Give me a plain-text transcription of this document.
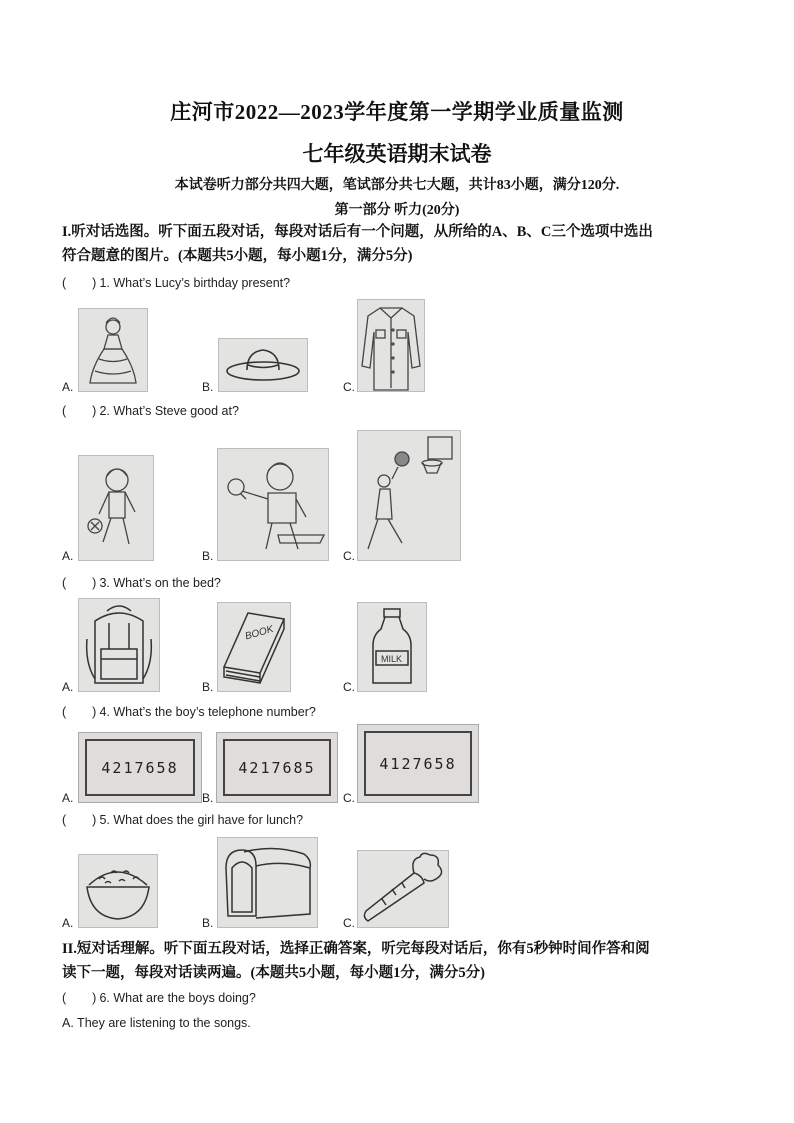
庄河市2022—2023学年度第一学期学业质量监测
七年级英语期末试卷
本试卷听力部分共四大题，笔试部分共七大题，共计83小题，满分120分.
第一部分 听力(20分)
I.听对话选图。听下面五段对话，每段对话后有一个问题，从所给的A、B、C三个选项中选出
符合题意的图片。(本题共5小题，每小题1分，满分5分)
( ) 1. What’s Lucy’s birthday present?
A.	B.	C.
( ) 2. What’s Steve good at?
A.	B.	C.
( ) 3. What’s on the bed?
A.	B.
BOOK
C.
MILK
( ) 4. What’s the boy’s telephone number?
A.
4217658
B.
4217685
C.
4127658
( ) 5. What does the girl have for lunch?
A.	B.	C.
II.短对话理解。听下面五段对话，选择正确答案，听完每段对话后，你有5秒钟时间作答和阅
读下一题，每段对话读两遍。(本题共5小题，每小题1分，满分5分)
( ) 6. What are the boys doing?
A. They are listening to the songs.
